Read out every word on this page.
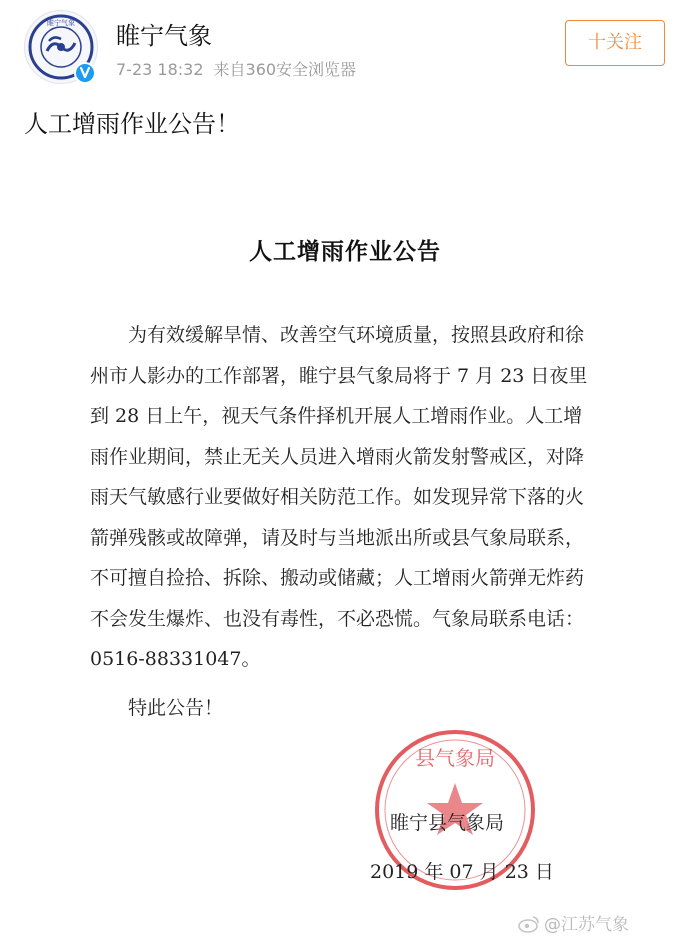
睢宁气象 睢宁气象
7-23 18:32 来自360安全浏览器
十关注
人工增雨作业公告！
人工增雨作业公告

为有效缓解旱情、改善空气环境质量，按照县政府和徐
州市人影办的工作部署，睢宁县气象局将于 7 月 23 日夜里
到 28 日上午，视天气条件择机开展人工增雨作业。人工增
雨作业期间，禁止无关人员进入增雨火箭发射警戒区，对降
雨天气敏感行业要做好相关防范工作。如发现异常下落的火
箭弹残骸或故障弹，请及时与当地派出所或县气象局联系，
不可擅自捡拾、拆除、搬动或储藏；人工增雨火箭弹无炸药
不会发生爆炸、也没有毒性，不必恐慌。气象局联系电话：
0516-88331047。

特此公告！
县气象局
睢宁县气象局
2019 年 07 月 23 日
@江苏气象
